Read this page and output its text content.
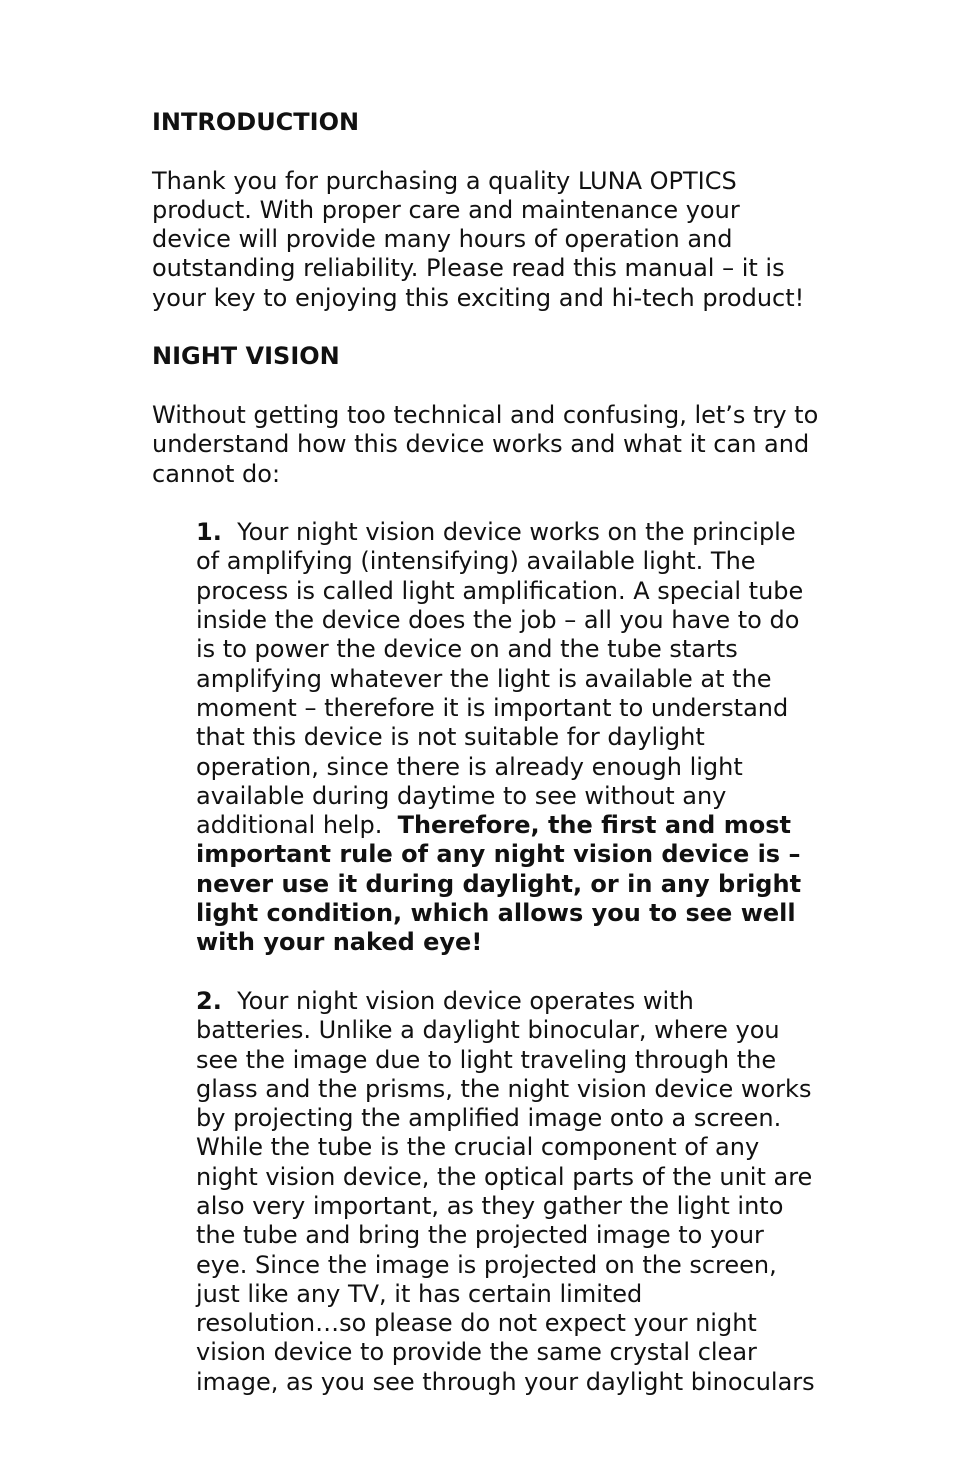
INTRODUCTION
Thank you for purchasing a quality LUNA OPTICS
product. With proper care and maintenance your
device will provide many hours of operation and
outstanding reliability. Please read this manual – it is
your key to enjoying this exciting and hi-tech product!
NIGHT VISION
Without getting too technical and confusing, let’s try to
understand how this device works and what it can and
cannot do:
1. Your night vision device works on the principle
of amplifying (intensifying) available light. The
process is called light amplification. A special tube
inside the device does the job – all you have to do
is to power the device on and the tube starts
amplifying whatever the light is available at the
moment – therefore it is important to understand
that this device is not suitable for daylight
operation, since there is already enough light
available during daytime to see without any
additional help. Therefore, the first and most
important rule of any night vision device is –
never use it during daylight, or in any bright
light condition, which allows you to see well
with your naked eye!
2. Your night vision device operates with
batteries. Unlike a daylight binocular, where you
see the image due to light traveling through the
glass and the prisms, the night vision device works
by projecting the amplified image onto a screen.
While the tube is the crucial component of any
night vision device, the optical parts of the unit are
also very important, as they gather the light into
the tube and bring the projected image to your
eye. Since the image is projected on the screen,
just like any TV, it has certain limited
resolution…so please do not expect your night
vision device to provide the same crystal clear
image, as you see through your daylight binoculars
